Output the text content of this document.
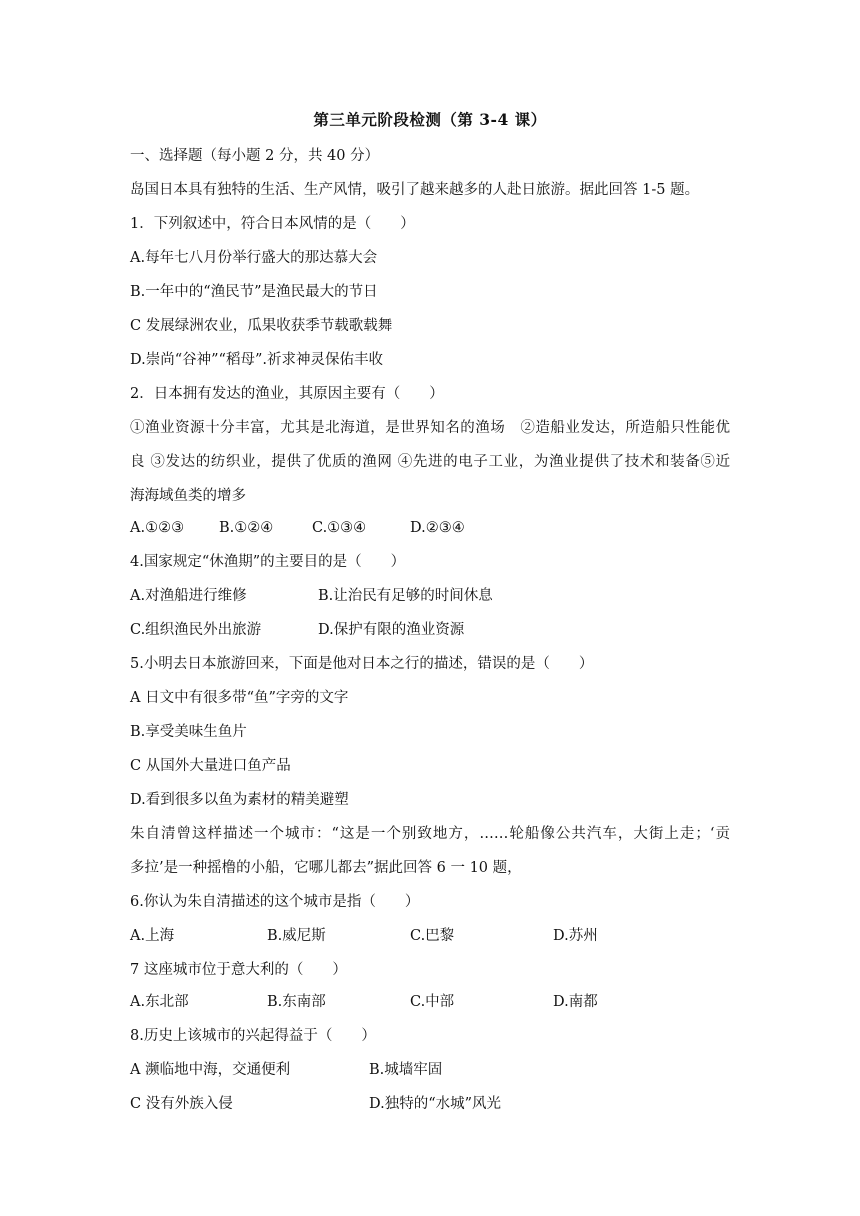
第三单元阶段检测（第 3-4 课）
一、选择题（每小题 2 分，共 40 分）
岛国日本具有独特的生活、生产风情，吸引了越来越多的人赴日旅游。据此回答 1-5 题。
1．下列叙述中，符合日本风情的是（　　）
A.每年七八月份举行盛大的那达慕大会
B.一年中的“渔民节”是渔民最大的节日
C 发展绿洲农业，瓜果收获季节载歌载舞
D.崇尚“谷神”“稻母”.祈求神灵保佑丰收
2．日本拥有发达的渔业，其原因主要有（　　）
①渔业资源十分丰富，尤其是北海道，是世界知名的渔场　②造船业发达，所造船只性能优
良 ③发达的纺织业，提供了优质的渔网 ④先进的电子工业，为渔业提供了技术和装备⑤近
海海域鱼类的增多
A.①②③ B.①②④	C.①③④	D.②③④
4.国家规定“休渔期”的主要目的是（　　）
A.对渔船进行维修	B.让治民有足够的时间休息
C.组织渔民外出旅游	D.保护有限的渔业资源
5.小明去日本旅游回来，下面是他对日本之行的描述，错误的是（　　）
A 日文中有很多带“鱼”字旁的文字
B.享受美味生鱼片
C 从国外大量进口鱼产品
D.看到很多以鱼为素材的精美避塑
朱自清曾这样描述一个城市：“这是一个别致地方，……轮船像公共汽车，大街上走；‘贡
多拉’是一种摇橹的小船，它哪儿都去”据此回答 6 一 10 题，
6.你认为朱自清描述的这个城市是指（　　）
A.上海	B.威尼斯	C.巴黎	D.苏州
7 这座城市位于意大利的（　　）
A.东北部	B.东南部	C.中部	D.南都
8.历史上该城市的兴起得益于（　　）
A 濒临地中海，交通便利	B.城墙牢固
C 没有外族入侵	D.独特的“水城”风光
